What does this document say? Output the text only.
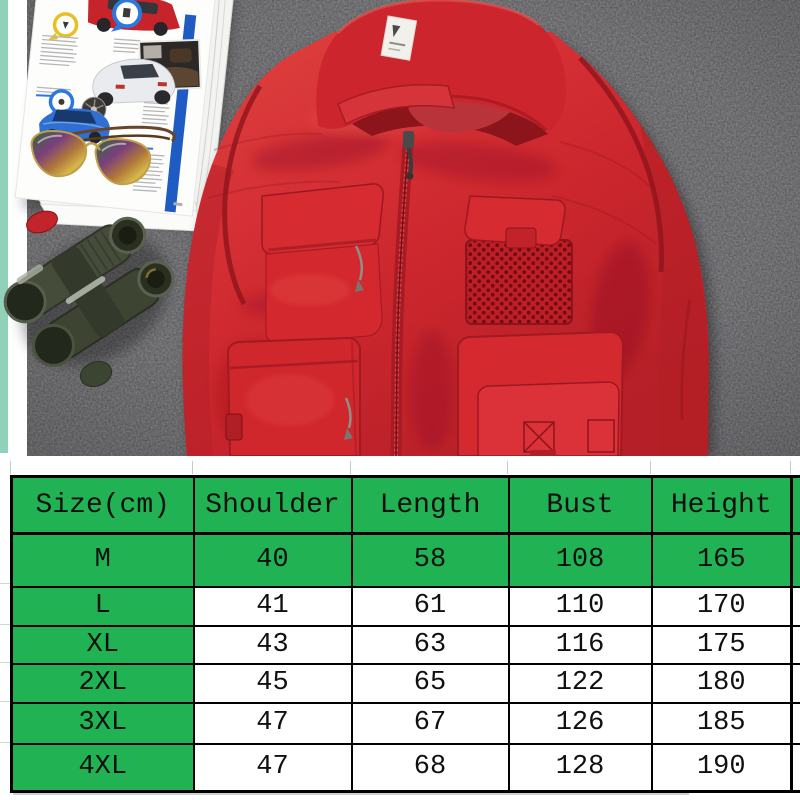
Size(cm)	Shoulder	Length	Bust	Height	
M	40	58	108	165	
L	41	61	110	170	
XL	43	63	116	175	
2XL	45	65	122	180	
3XL	47	67	126	185	
4XL	47	68	128	190	
